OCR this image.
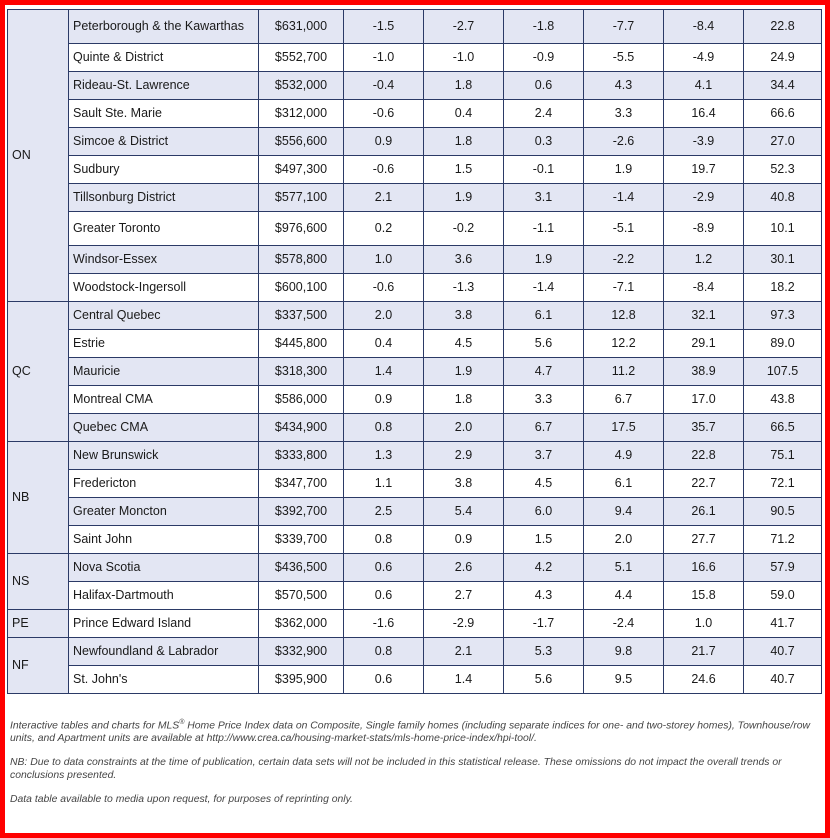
ON	Peterborough & the Kawarthas	$631,000	-1.5	-2.7	-1.8	-7.7	-8.4	22.8
	Quinte & District	$552,700	-1.0	-1.0	-0.9	-5.5	-4.9	24.9
	Rideau-St. Lawrence	$532,000	-0.4	1.8	0.6	4.3	4.1	34.4
	Sault Ste. Marie	$312,000	-0.6	0.4	2.4	3.3	16.4	66.6
	Simcoe & District	$556,600	0.9	1.8	0.3	-2.6	-3.9	27.0
	Sudbury	$497,300	-0.6	1.5	-0.1	1.9	19.7	52.3
	Tillsonburg District	$577,100	2.1	1.9	3.1	-1.4	-2.9	40.8
	Greater Toronto	$976,600	0.2	-0.2	-1.1	-5.1	-8.9	10.1
	Windsor-Essex	$578,800	1.0	3.6	1.9	-2.2	1.2	30.1
	Woodstock-Ingersoll	$600,100	-0.6	-1.3	-1.4	-7.1	-8.4	18.2
QC	Central Quebec	$337,500	2.0	3.8	6.1	12.8	32.1	97.3
	Estrie	$445,800	0.4	4.5	5.6	12.2	29.1	89.0
	Mauricie	$318,300	1.4	1.9	4.7	11.2	38.9	107.5
	Montreal CMA	$586,000	0.9	1.8	3.3	6.7	17.0	43.8
	Quebec CMA	$434,900	0.8	2.0	6.7	17.5	35.7	66.5
NB	New Brunswick	$333,800	1.3	2.9	3.7	4.9	22.8	75.1
	Fredericton	$347,700	1.1	3.8	4.5	6.1	22.7	72.1
	Greater Moncton	$392,700	2.5	5.4	6.0	9.4	26.1	90.5
	Saint John	$339,700	0.8	0.9	1.5	2.0	27.7	71.2
NS	Nova Scotia	$436,500	0.6	2.6	4.2	5.1	16.6	57.9
	Halifax-Dartmouth	$570,500	0.6	2.7	4.3	4.4	15.8	59.0
PE	Prince Edward Island	$362,000	-1.6	-2.9	-1.7	-2.4	1.0	41.7
NF	Newfoundland & Labrador	$332,900	0.8	2.1	5.3	9.8	21.7	40.7
	St. John's	$395,900	0.6	1.4	5.6	9.5	24.6	40.7

Interactive tables and charts for MLS® Home Price Index data on Composite, Single family homes (including separate indices for one- and two-storey homes), Townhouse/row units, and Apartment units are available at http://www.crea.ca/housing-market-stats/mls-home-price-index/hpi-tool/.

NB: Due to data constraints at the time of publication, certain data sets will not be included in this statistical release. These omissions do not impact the overall trends or conclusions presented.

Data table available to media upon request, for purposes of reprinting only.
